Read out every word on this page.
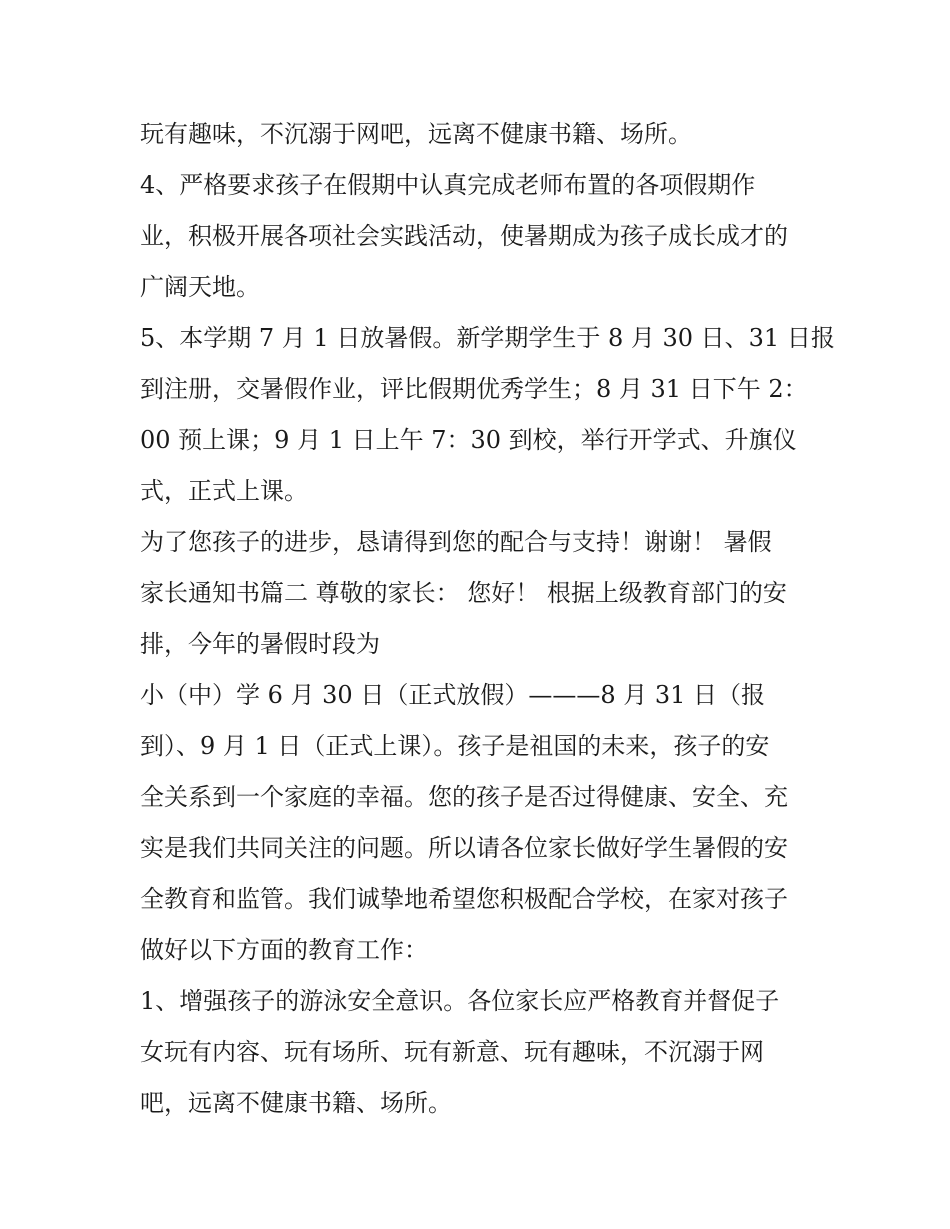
玩有趣味，不沉溺于网吧，远离不健康书籍、场所。
4、严格要求孩子在假期中认真完成老师布置的各项假期作
业，积极开展各项社会实践活动，使暑期成为孩子成长成才的
广阔天地。
5、本学期 7 月 1 日放暑假。新学期学生于 8 月 30 日、31 日报
到注册，交暑假作业，评比假期优秀学生；8 月 31 日下午 2：
00 预上课；9 月 1 日上午 7：30 到校，举行开学式、升旗仪
式，正式上课。
为了您孩子的进步，恳请得到您的配合与支持！谢谢！ 暑假
家长通知书篇二 尊敬的家长： 您好！ 根据上级教育部门的安
排，今年的暑假时段为
小（中）学 6 月 30 日（正式放假）———8 月 31 日（报
到）、9 月 1 日（正式上课）。孩子是祖国的未来，孩子的安
全关系到一个家庭的幸福。您的孩子是否过得健康、安全、充
实是我们共同关注的问题。所以请各位家长做好学生暑假的安
全教育和监管。我们诚挚地希望您积极配合学校，在家对孩子
做好以下方面的教育工作：
1、增强孩子的游泳安全意识。各位家长应严格教育并督促子
女玩有内容、玩有场所、玩有新意、玩有趣味，不沉溺于网
吧，远离不健康书籍、场所。
